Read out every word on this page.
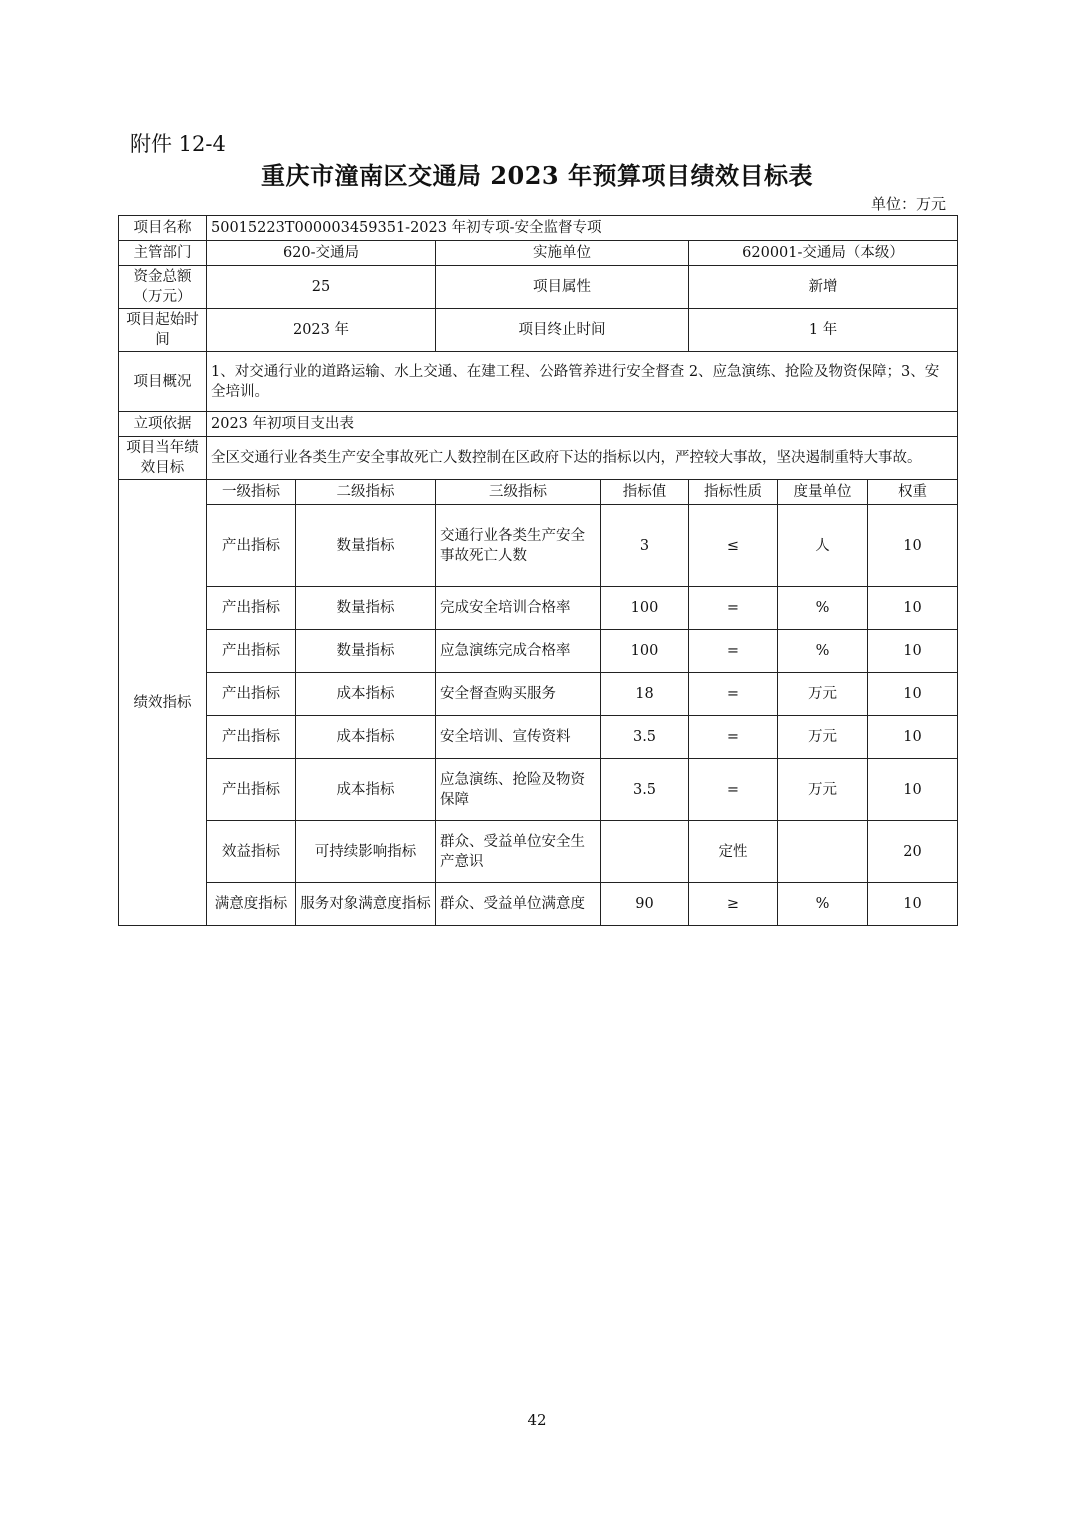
附件 12-4
重庆市潼南区交通局 2023 年预算项目绩效目标表
单位：万元
项目名称	50015223T000003459351-2023 年初专项-安全监督专项						
主管部门	620-交通局		实施单位		620001-交通局（本级）		
资金总额（万元）	25		项目属性		新增		
项目起始时间	2023 年		项目终止时间		1 年		
项目概况	1、对交通行业的道路运输、水上交通、在建工程、公路管养进行安全督查 2、应急演练、抢险及物资保障；3、安全培训。						
立项依据	2023 年初项目支出表						
项目当年绩效目标	全区交通行业各类生产安全事故死亡人数控制在区政府下达的指标以内，严控较大事故，坚决遏制重特大事故。						
绩效指标	一级指标	二级指标	三级指标	指标值	指标性质	度量单位	权重
	产出指标	数量指标	交通行业各类生产安全事故死亡人数	3	≤	人	10
	产出指标	数量指标	完成安全培训合格率	100	=	%	10
	产出指标	数量指标	应急演练完成合格率	100	=	%	10
	产出指标	成本指标	安全督查购买服务	18	=	万元	10
	产出指标	成本指标	安全培训、宣传资料	3.5	=	万元	10
	产出指标	成本指标	应急演练、抢险及物资保障	3.5	=	万元	10
	效益指标	可持续影响指标	群众、受益单位安全生产意识		定性		20
	满意度指标	服务对象满意度指标	群众、受益单位满意度	90	≥	%	10
42
